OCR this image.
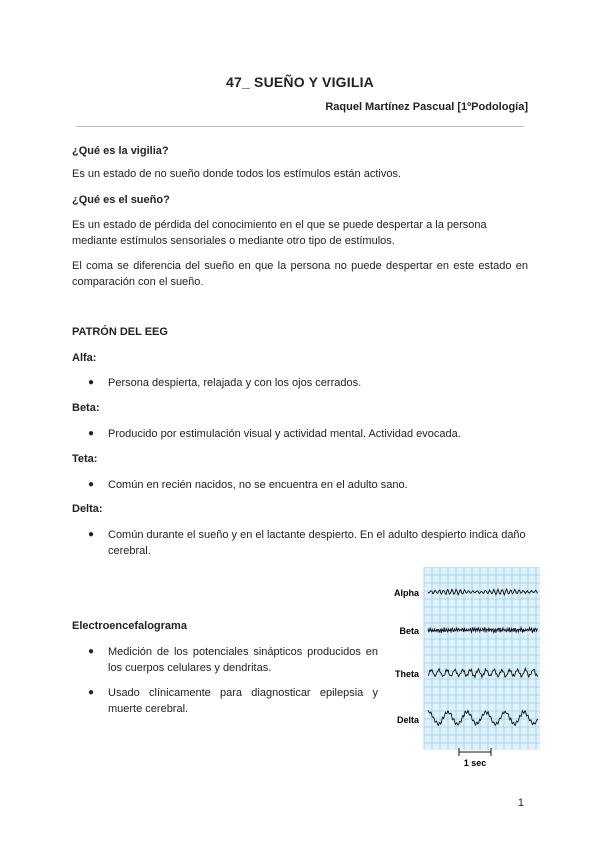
47_ SUEÑO Y VIGILIA
Raquel Martínez Pascual [1ºPodología]
¿Qué es la vigilia?
Es un estado de no sueño donde todos los estímulos están activos.
¿Qué es el sueño?
Es un estado de pérdida del conocimiento en el que se puede despertar a la persona mediante estímulos sensoriales o mediante otro tipo de estímulos.
El coma se diferencia del sueño en que la persona no puede despertar en este estado en comparación con el sueño.
PATRÓN DEL EEG
Alfa:
● Persona despierta, relajada y con los ojos cerrados.
Beta:
● Producido por estimulación visual y actividad mental. Actividad evocada.
Teta:
● Común en recién nacidos, no se encuentra en el adulto sano.
Delta:
● Común durante el sueño y en el lactante despierto. En el adulto despierto indica daño cerebral.
Electroencefalograma
● Medición de los potenciales sinápticos producidos en los cuerpos celulares y dendritas.
● Usado clínicamente para diagnosticar epilepsia y muerte cerebral.
Alpha
Beta
Theta
Delta
1 sec
1
